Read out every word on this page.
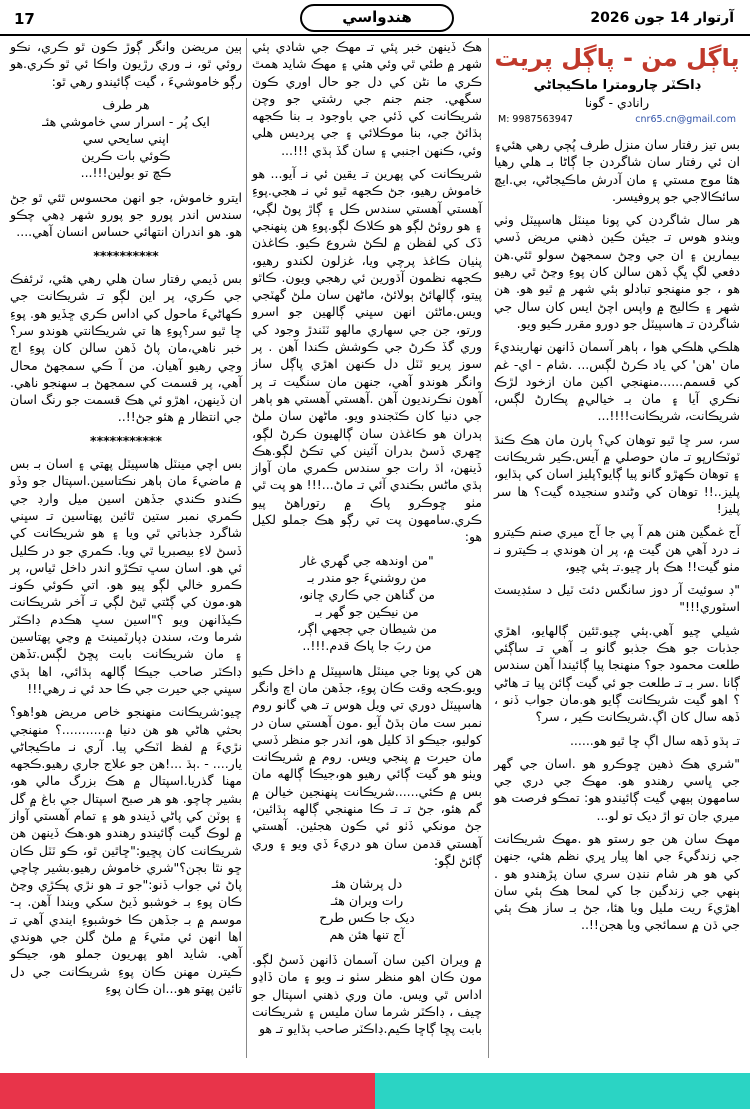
17	هندواسي	آرتوار 14 جون 2026
پاڳل من - پاڳل پريت
ڊاڪٽر چارومترا ماڪيجاڻي
رانادي - گونا
M: 9987563947	cnr65.cn@gmail.com

بس تيز رفتار سان منزل طرف پُڄي رهي هئي۽ ان ئي رفتار سان شاگردن جا ڳاڻا بـ هلي رهيا هئا موج مستي ۽ مان آدرش ماڪيجاڻي، بي.ايڇ سائڪالاجي جو پروفيسر.

هر سال شاگردن کي پونا مينٽل هاسپيٽل وٺي ويندو هوس تـ جيئن ڪين ذهني مريض ڏسي بيمارين ۽ ان جي وڃڻ سمجهڻ سولو ٿئي.هن دفعي لڳ ڀڳ ڏهن سالن کان پوءِ وڃڻ ٿي رهيو هو ، جو منهنجو تبادلو ٻئي شهر ۾ ٿيو هو. هن شهر ۽ ڪاليج ۾ واپس اچڻ ايس کان سال جي شاگردن تـ هاسپيٽل جو دورو مقرر ڪيو ويو.

هلڪي هلڪي هوا ، ٻاهر آسمان ڏانهن نهارينديءَ مان 'هن' کي ياد ڪرڻ لڳس... .شام - اي- غم کي قسمم......منهنجي اکين مان ازخود لڙڪ نڪري آيا ۽ مان بـ خيالي۾ پڪارڻ لڳس، شريڪانت، شريڪانت!!!!...

سر، سر ڇا ٿيو توهان کي؟ ٻارن مان هڪ ڪنڌ ٽوٽڪارڀو تـ مان حوصلي ۾ آيس.ڪير شريڪانت ۽ توهان ڪهڙو گانو پيا ڳايو؟پليز اسان کي ٻڌايو، پليز..!! توهان کي وڻندو سنجيده گيت؟ ها سر پليز!

آج غمگين هنن هم آ پي جا آج ميري صنم ڪيترو نـ درد آهي هن گيت ۾، پر ان هوندي بـ ڪيترو نـ مٺو گيت!! هڪ ٻار چيو.تـ ٻئي چيو،

"ڊ سوئيٽ آر دوز سانگس دئٽ ٽيل د سئڊيسٽ اسٽوري!!!"

شيلي چيو آهي.ٻئي چيو.ٿئين ڳالهايو، اهڙي جذبات جو هڪ جذبو گانو بـ آهي تـ ساڳئي طلعت محمود جو؟ منهنجا پيا ڳائيندا آهن سندس ڳانا .سر بـ تـ طلعت جو ئي گيت ڳائن پيا تـ هاڻي ؟ اهو گيت شريڪانت ڳايو هو.مان جواب ڏنو ، ڏهه سال کان اڳ.شريڪانت ڪير ، سر؟

تـ ٻڌو ڏهه سال اڳ ڇا ٿيو هو......

"شري هڪ ذهين ڇوڪرو هو .اسان جي گهر جي ڀاسي رهندو هو. مهڪ جي دري جي سامهون ٻيهي گيت ڳائيندو هو: تمڪو فرصت هو ميري جان تو اڙ ديک تو لو...

مهڪ سان هن جو رستو هو .مهڪ شريڪانت جي زندگيءَ جي اها پيار ڀري نظم هئي، جنهن کي هو هر شام ننڍن سري سان پڙهندو هو . ٻنهي جي زندگين جا کي لمحا هڪ ٻئي سان اهڙيءَ ريت مليل ويا هئا، جڻ بـ ساز هڪ ٻئي جي ڌن ۾ سمائجي ويا هجن!!..

هڪ ڏينهن خبر پئي تـ مهڪ جي شادي ٻئي شهر ۾ طئي ٿي وئي هئي ۽ مهڪ شايد همٿ ڪري ما نڻن کي دل جو حال اوري ڪون سگهي. جنم جنم جي رشتي جو وچن شريڪانت کي ڏئي جي باوجود بـ بنا ڪجهه ٻڌائڻ جي، بنا موڪلائي ۽ جي پرديس هلي وئي، ڪنهن اجنبي ۽ سان گڏ ٻڌي !!!...

شريڪانت کي پهرين تـ يقين ئي نـ آيو... هو خاموش رهيو، جڻ ڪجهه ٿيو ئي نـ هجي.پوءِ آهستي آهستي سندس ڪل ۽ ڳاڙ پوڻ لڳي، ۽ هو روئڻ لڳو هو ڪلاڪ لڳو.پوءِ هن پنهنجي ڏک کي لفظن ۾ لڪڻ شروع ڪيو. ڪاغذن پٺيان ڪاغذ پرچي ويا، غزلون لکندو رهيو، ڪجهه نظمون آڌورين ئي رهجي ويون. ڪاٿو پيتو، ڳالهائڻ ٻولائڻ، ماڻهن سان ملڻ گهٽجي ويس.ماڻئن انهن سڀني ڳالهين جو اسرو ورتو، جن جي سهاري مالهو ٽٽندڙ وجود کي وري گڏ ڪرڻ جي ڪوشش ڪندا آهن . پر سوز پريو ٽٽل دل ڪنهن اهڙي پاڳل ساز وانگر هوندو آهي، جنهن مان سنگيت تـ پر آهون نڪرنديون آهن .آهستي آهستي هو ٻاهر جي دنيا کان ڪٽجندو ويو. ماڻهن سان ملڻ ٻدران هو ڪاغذن سان ڳالهيون ڪرڻ لڳو، ڇهري ڏسڻ بدران آئينن کي تڪڻ لڳو.هڪ ڏينهن، اڌ رات جو سندس ڪمري مان آواز ٻڌي ماڻس بڪندي آئي تـ ماڻ...!!! هو پت ٿي مٺو ڇوڪرو پاڪ ۾ رتوراهڻ پيو ڪري.سامهون پت تي رڳو هڪ جملو لکيل هو:

"من اوندهه جي گهري غار
من روشنيءَ جو مندر بـ
من گناهن جي ڪاري ڇانو،
من نيڪين جو گهر بـ
من شيطان جي ڄجهي اڳر،
من ربَ جا پاڪ قدم.!!!..

هن کي پونا جي مينٽل هاسپيٽل ۾ داخل ڪيو ويو.ڪجه وقت ڪان پوءِ، جڏهن مان اچ وانگر هاسپيٽل دوري تي ويل هوس تـ هي گانو روم نمبر ست مان ٻڌڻ آيو .مون آهستي سان در کوليو، جيڪو اڌ کليل هو، اندر جو منظر ڏسي مان حيرت ۾ پنجي ويس. روم ۾ شريڪانت ويٺو هو گيت ڳائي رهيو هو،جيڪا ڳالهه مان بس ۾ ڪئي......شريڪانت پنهنجين خيالن ۾ گم هئو، جڻ تـ تـ ڪا منهنجي ڳالهه ٻڌائين، جڻ مونکي ڏٺو ئي ڪون هجئين. آهستي آهستي قدمن سان هو دريءَ ڏي ويو ۽ وري ڳائڻ لڳو:

دل پرشان هئـ
رات ويران هئـ
ديک جا ڪس طرح
آج تنها هئن هم

۾ ويران اکين سان آسمان ڏانهن ڏسڻ لڳو. مون ڪان اهو منظر سٺو نـ ويو ۽ مان ڏاڍو اداس ٿي ويس. مان وري ذهني اسپتال جو چيف ، ڊاڪٽر شرما سان مليس ۽ شريڪانت بابت پڇا ڳاڇا ڪيم.ڊاڪٽر صاحب ٻڌايو تـ هو

ٻين مريضن وانگر ڳوڙ ڪون ٿو ڪري، نڪو روئي ٿو، نـ وري رڙيون واڪا ئي ٿو ڪري.هو رڳو خاموشيءَ ، گيت ڳائيندو رهي ٿو:

هر طرف
ايک پُر - اسرار سي خاموشي هئـ
اپني سايحي سي
ڪوئي بات ڪرين
ڪچ تو بولين!!!...

ايترو خاموش، جو انهن محسوس ٿئي ٿو جڻ سندس اندر پورو جو پورو شهر ڍهي چڪو هو. هو اندران انتهائي حساس انسان آهي....

**********

بس ڏيمي رفتار سان هلي رهي هئي، ٽرئفڪ جي ڪري، پر اين لڳو تـ شريڪانت جي ڪهاڻيءَ ماحول کي اداس ڪري ڇڏيو هو. پوءِ ڇا ٿيو سر؟پوءِ ها تي شريڪانتي هوندو سر؟خبر ناهي،مان پاڻ ڏهن سالن کان پوءِ اڄ وڃي رهيو آهيان. من آ ڪي سمجهڻ محال آهي، پر قسمت کي سمجهڻ بـ سهنجو ناهي. ان ڏينهن، اهڙو ئي هڪ قسمت جو رنگ اسان جي انتظار ۾ هئو جڻ!!..

***********

بس اچي مينٽل هاسپيٽل پهتي ۽ اسان بـ بس ۾ ماضيءَ مان ٻاهر نڪتاسين.اسپتال جو وڏو ڪندو ڪندي جڏهن اسين ميل وارڊ جي ڪمري نمبر ستين ٿائين پهتاسين تـ سڀني شاگرد جذباتي ٿي ويا ۽ هو شريڪانت کي ڏسڻ لاءِ بيصبريا ٿي ويا. ڪمري جو در ڪليل ئي هو. اسان سڀ تڪڙو اندر داخل ٿياس، پر ڪمرو خالي لڳو پيو هو. اتي ڪوئي ڪونـ هو.مون کي ڳڻتي ٿيڻ لڳي تـ آخر شريڪانت ڪيڏانهن ويو ؟"اسين سڀ هڪدم ڊاڪٽر شرما وٽ، سندن ڊپارٽمينٽ ۾ وڃي پهتاسين ۽ مان شريڪانت بابت پڇڻ لڳس.تڏهن ڊاڪٽر صاحب جيڪا ڳالهه ٻڌائي، اها ٻڌي سڀني جي حيرت جي ڪا حد ئي نـ رهي!!!

چيو:شريڪانت منهنجو خاص مريض هو!هو؟ بحثي هاڻي هو هن دنيا ۾...........؟ منهنجي نڙيءَ ۾ لفظ اٽڪي پيا. آري نـ ماڪيجاڻي يار.... - .ٻڌ ...!هن جو علاج جاري رهيو.ڪجهه مهنا گذريا.اسپتال ۾ هڪ بزرگ مالي هو، بشير چاچو. هو هر صبح اسپتال جي باغ ۾ گل ۽ ٻوٽن کي پاڻي ڏيندو هو ۽ تمام آهستي آواز ۾ لوڪ گيت ڳائيندو رهندو هو.هڪ ڏينهن هن شريڪانت کان پڇيو:"ڇاٿين ٿو، ڪو ٽٽل ڪان ڇو نٿا بڄن؟"شري خاموش رهيو.بشير چاچي پاڻ ئي جواب ڏنو:"جو تـ هو نڙي پڪڙي وڃڻ ڪان پوءِ بـ خوشبو ڏيڻ سکي ويندا آهن. ٻـ- موسم ۾ بـ جڏهن ڪا خوشبوءِ ايندي آهي تـ اها انهن ئي مٽيءَ ۾ ملڻ گلن جي هوندي آهي. شايد اهو پهريون جملو هو، جيڪو ڪيترن مهنن ڪان پوءِ شريڪانت جي دل تائين پهتو هو...ان ڪان پوءِ
